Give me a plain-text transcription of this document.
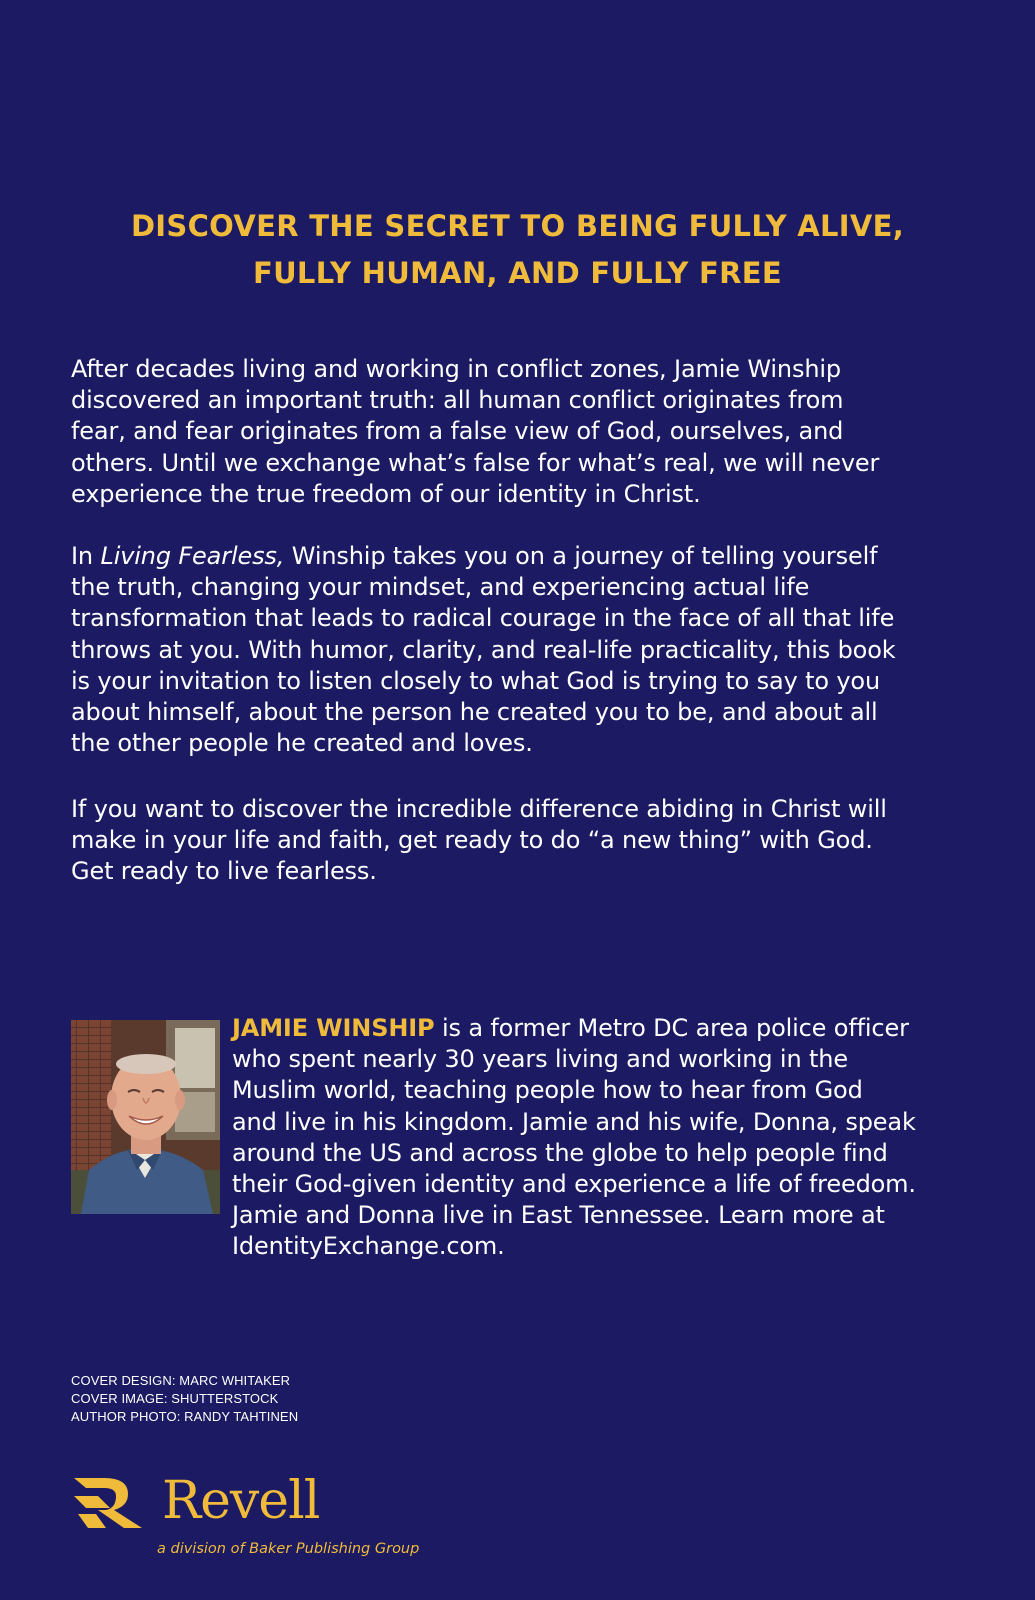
DISCOVER THE SECRET TO BEING FULLY ALIVE,
FULLY HUMAN, AND FULLY FREE
After decades living and working in conflict zones, Jamie Winship
discovered an important truth: all human conflict originates from
fear, and fear originates from a false view of God, ourselves, and
others. Until we exchange what’s false for what’s real, we will never
experience the true freedom of our identity in Christ.
In Living Fearless, Winship takes you on a journey of telling yourself
the truth, changing your mindset, and experiencing actual life
transformation that leads to radical courage in the face of all that life
throws at you. With humor, clarity, and real-life practicality, this book
is your invitation to listen closely to what God is trying to say to you
about himself, about the person he created you to be, and about all
the other people he created and loves.
If you want to discover the incredible difference abiding in Christ will
make in your life and faith, get ready to do “a new thing” with God.
Get ready to live fearless.
JAMIE WINSHIP is a former Metro DC area police officer
who spent nearly 30 years living and working in the
Muslim world, teaching people how to hear from God
and live in his kingdom. Jamie and his wife, Donna, speak
around the US and across the globe to help people find
their God-given identity and experience a life of freedom.
Jamie and Donna live in East Tennessee. Learn more at
IdentityExchange.com.
COVER DESIGN: MARC WHITAKER
COVER IMAGE: SHUTTERSTOCK
AUTHOR PHOTO: RANDY TAHTINEN
Revell
a division of Baker Publishing Group
